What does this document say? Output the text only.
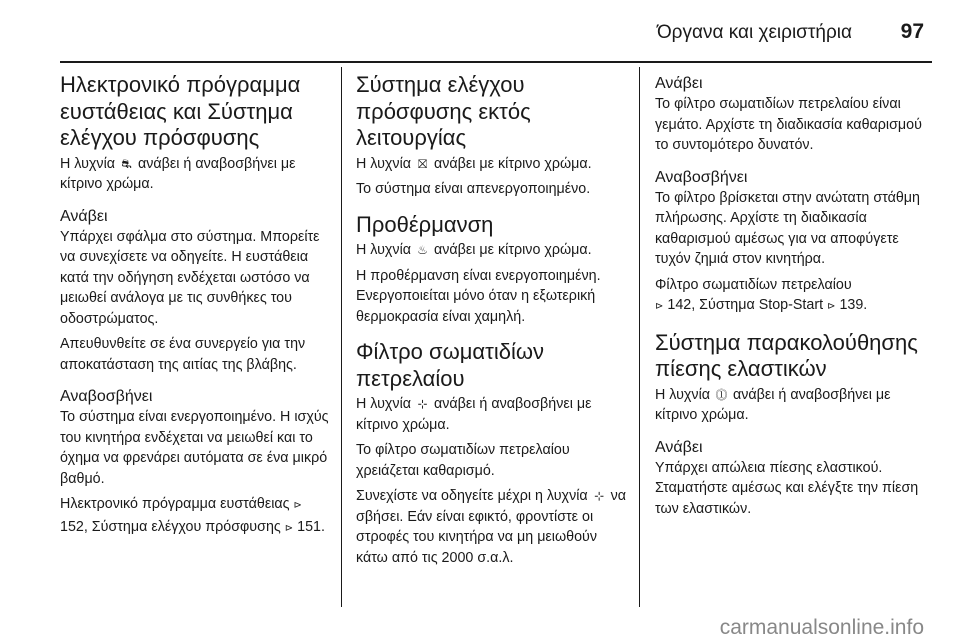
Όργανα και χειριστήρια 97
Ηλεκτρονικό πρόγραμμα ευστάθειας και Σύστημα ελέγχου πρόσφυσης

Η λυχνία ⛐ ανάβει ή αναβοσβήνει με κίτρινο χρώμα.

Ανάβει

Υπάρχει σφάλμα στο σύστημα. Μπορείτε να συνεχίσετε να οδηγείτε. Η ευστάθεια κατά την οδήγηση ενδέχεται ωστόσο να μειωθεί ανάλογα με τις συνθήκες του οδοστρώματος.

Απευθυνθείτε σε ένα συνεργείο για την αποκατάσταση της αιτίας της βλάβης.

Αναβοσβήνει

Το σύστημα είναι ενεργοποιημένο. Η ισχύς του κινητήρα ενδέχεται να μειωθεί και το όχημα να φρενάρει αυτόματα σε ένα μικρό βαθμό.

Ηλεκτρονικό πρόγραμμα ευστάθειας ⊳ 152, Σύστημα ελέγχου πρόσφυσης ⊳ 151.

Σύστημα ελέγχου πρόσφυσης εκτός λειτουργίας

Η λυχνία ⛝ ανάβει με κίτρινο χρώμα.

Το σύστημα είναι απενεργοποιημένο.

Προθέρμανση

Η λυχνία ♨ ανάβει με κίτρινο χρώμα.

Η προθέρμανση είναι ενεργοποιημένη. Ενεργοποιείται μόνο όταν η εξωτερική θερμοκρασία είναι χαμηλή.

Φίλτρο σωματιδίων πετρελαίου

Η λυχνία ⊹ ανάβει ή αναβοσβήνει με κίτρινο χρώμα.

Το φίλτρο σωματιδίων πετρελαίου χρειάζεται καθαρισμό.

Συνεχίστε να οδηγείτε μέχρι η λυχνία ⊹ να σβήσει. Εάν είναι εφικτό, φροντίστε οι στροφές του κινητήρα να μη μειωθούν κάτω από τις 2000 σ.α.λ.

Ανάβει

Το φίλτρο σωματιδίων πετρελαίου είναι γεμάτο. Αρχίστε τη διαδικασία καθαρισμού το συντομότερο δυνατόν.

Αναβοσβήνει

Το φίλτρο βρίσκεται στην ανώτατη στάθμη πλήρωσης. Αρχίστε τη διαδικασία καθαρισμού αμέσως για να αποφύγετε τυχόν ζημιά στον κινητήρα.

Φίλτρο σωματιδίων πετρελαίου
⊳ 142, Σύστημα Stop-Start ⊳ 139.

Σύστημα παρακολούθησης πίεσης ελαστικών

Η λυχνία ⓵ ανάβει ή αναβοσβήνει με κίτρινο χρώμα.

Ανάβει

Υπάρχει απώλεια πίεσης ελαστικού. Σταματήστε αμέσως και ελέγξτε την πίεση των ελαστικών.

carmanualsonline.info
